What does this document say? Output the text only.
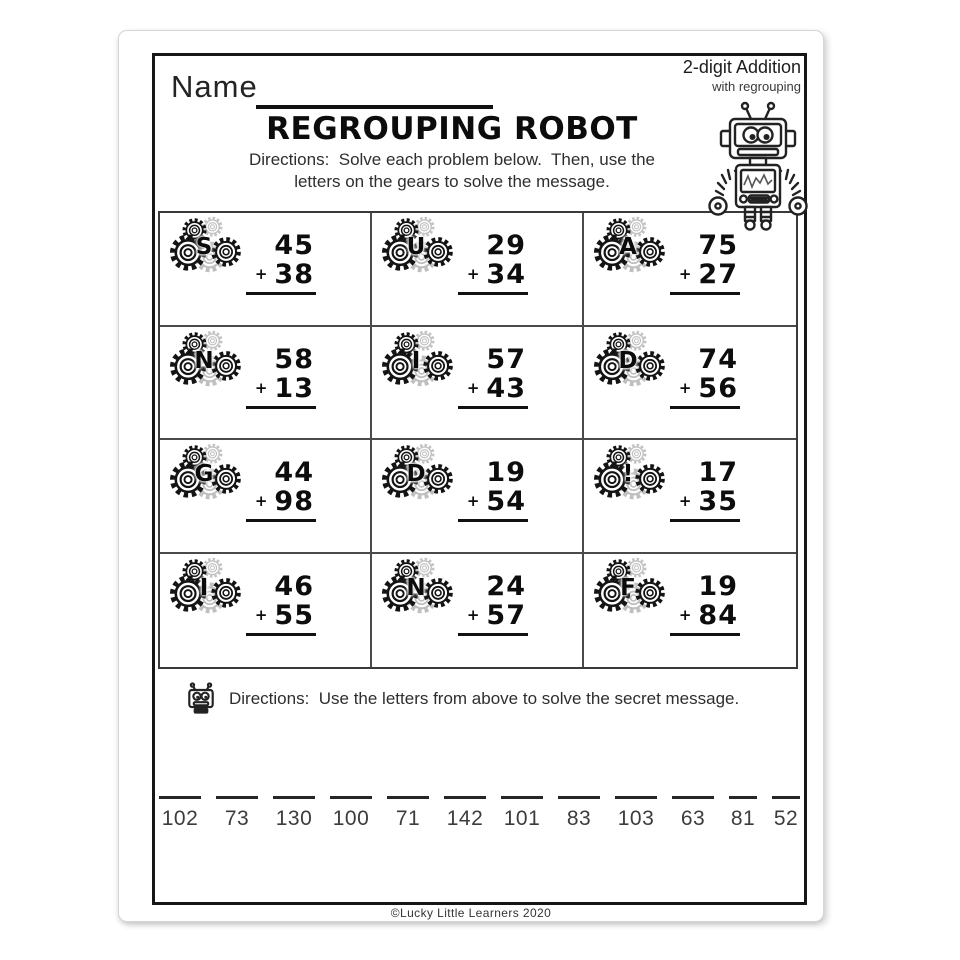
Name
2-digit Addition
with regrouping
REGROUPING ROBOT
Directions:  Solve each problem below.  Then, use the
letters on the gears to solve the message.
S	45
+ 38
U	29
+ 34
A	75
+ 27
N	58
+ 13
I	57
+ 43
D	74
+ 56
G	44
+ 98
D	19
+ 54
!	17
+ 35
I	46
+ 55
N	24
+ 57
F	19
+ 84
Directions:  Use the letters from above to solve the secret message.
102	73	130 100	71	142 101	83	103	63	81 52
©Lucky Little Learners 2020
